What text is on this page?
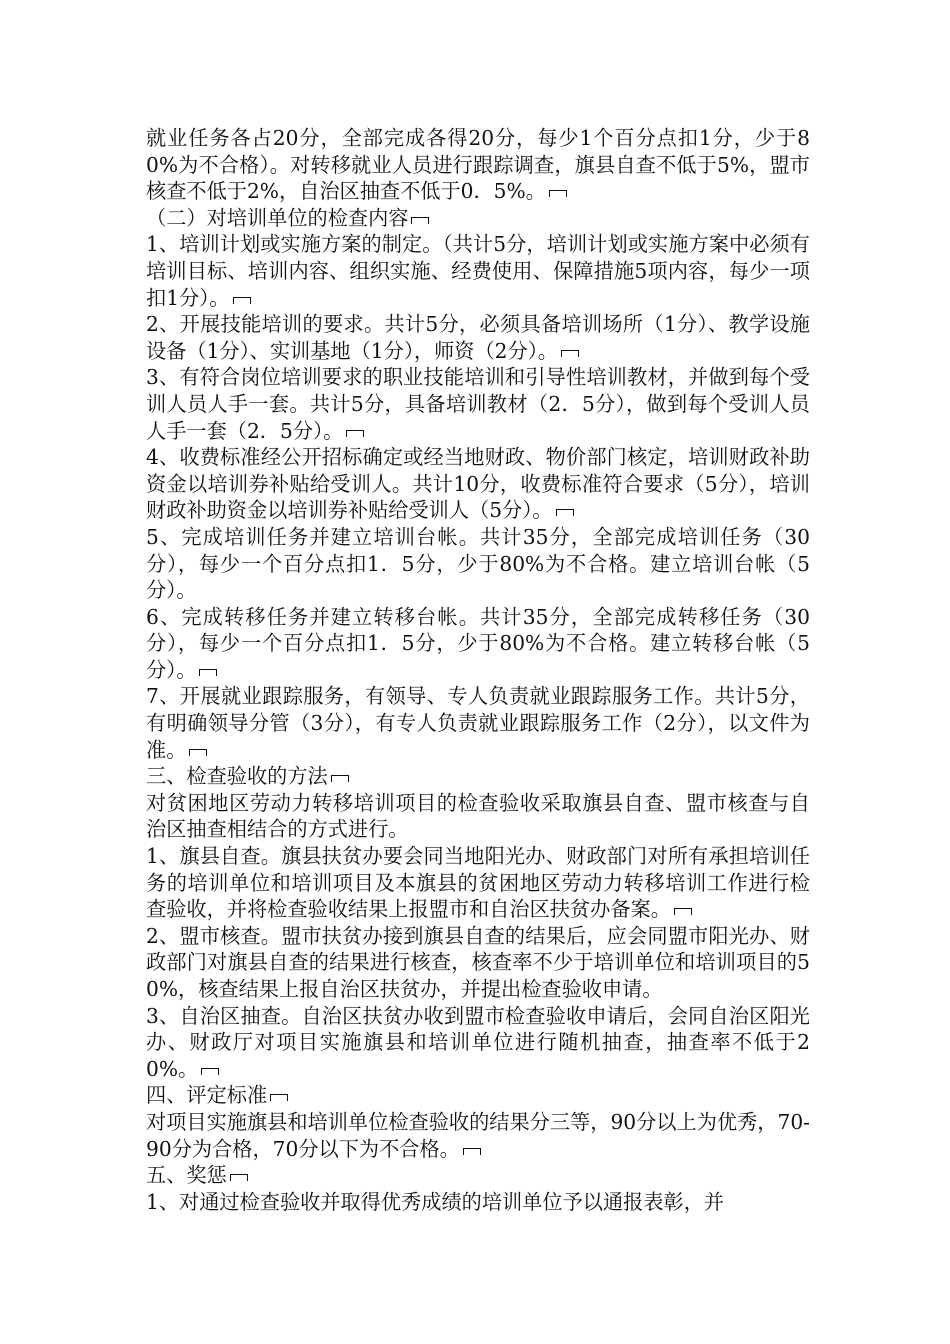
就业任务各占20分，全部完成各得20分，每少1个百分点扣1分，少于80%为不合格）。对转移就业人员进行跟踪调查，旗县自查不低于5%，盟市核查不低于2%，自治区抽查不低于0．5%。

（二）对培训单位的检查内容

1、培训计划或实施方案的制定。（共计5分，培训计划或实施方案中必须有培训目标、培训内容、组织实施、经费使用、保障措施5项内容，每少一项扣1分）。

2、开展技能培训的要求。共计5分，必须具备培训场所（1分）、教学设施设备（1分）、实训基地（1分），师资（2分）。

3、有符合岗位培训要求的职业技能培训和引导性培训教材，并做到每个受训人员人手一套。共计5分，具备培训教材（2．5分），做到每个受训人员人手一套（2．5分）。

4、收费标准经公开招标确定或经当地财政、物价部门核定，培训财政补助资金以培训券补贴给受训人。共计10分，收费标准符合要求（5分），培训财政补助资金以培训券补贴给受训人（5分）。

5、完成培训任务并建立培训台帐。共计35分，全部完成培训任务（30分），每少一个百分点扣1．5分，少于80%为不合格。建立培训台帐（5分）。

6、完成转移任务并建立转移台帐。共计35分，全部完成转移任务（30分），每少一个百分点扣1．5分，少于80%为不合格。建立转移台帐（5分）。

7、开展就业跟踪服务，有领导、专人负责就业跟踪服务工作。共计5分，有明确领导分管（3分），有专人负责就业跟踪服务工作（2分），以文件为准。

三、检查验收的方法

对贫困地区劳动力转移培训项目的检查验收采取旗县自查、盟市核查与自治区抽查相结合的方式进行。

1、旗县自查。旗县扶贫办要会同当地阳光办、财政部门对所有承担培训任务的培训单位和培训项目及本旗县的贫困地区劳动力转移培训工作进行检查验收，并将检查验收结果上报盟市和自治区扶贫办备案。

2、盟市核查。盟市扶贫办接到旗县自查的结果后，应会同盟市阳光办、财政部门对旗县自查的结果进行核查，核查率不少于培训单位和培训项目的50%，核查结果上报自治区扶贫办，并提出检查验收申请。

3、自治区抽查。自治区扶贫办收到盟市检查验收申请后，会同自治区阳光办、财政厅对项目实施旗县和培训单位进行随机抽查，抽查率不低于20%。

四、评定标准

对项目实施旗县和培训单位检查验收的结果分三等，90分以上为优秀，70-90分为合格，70分以下为不合格。

五、奖惩

1、对通过检查验收并取得优秀成绩的培训单位予以通报表彰，并
